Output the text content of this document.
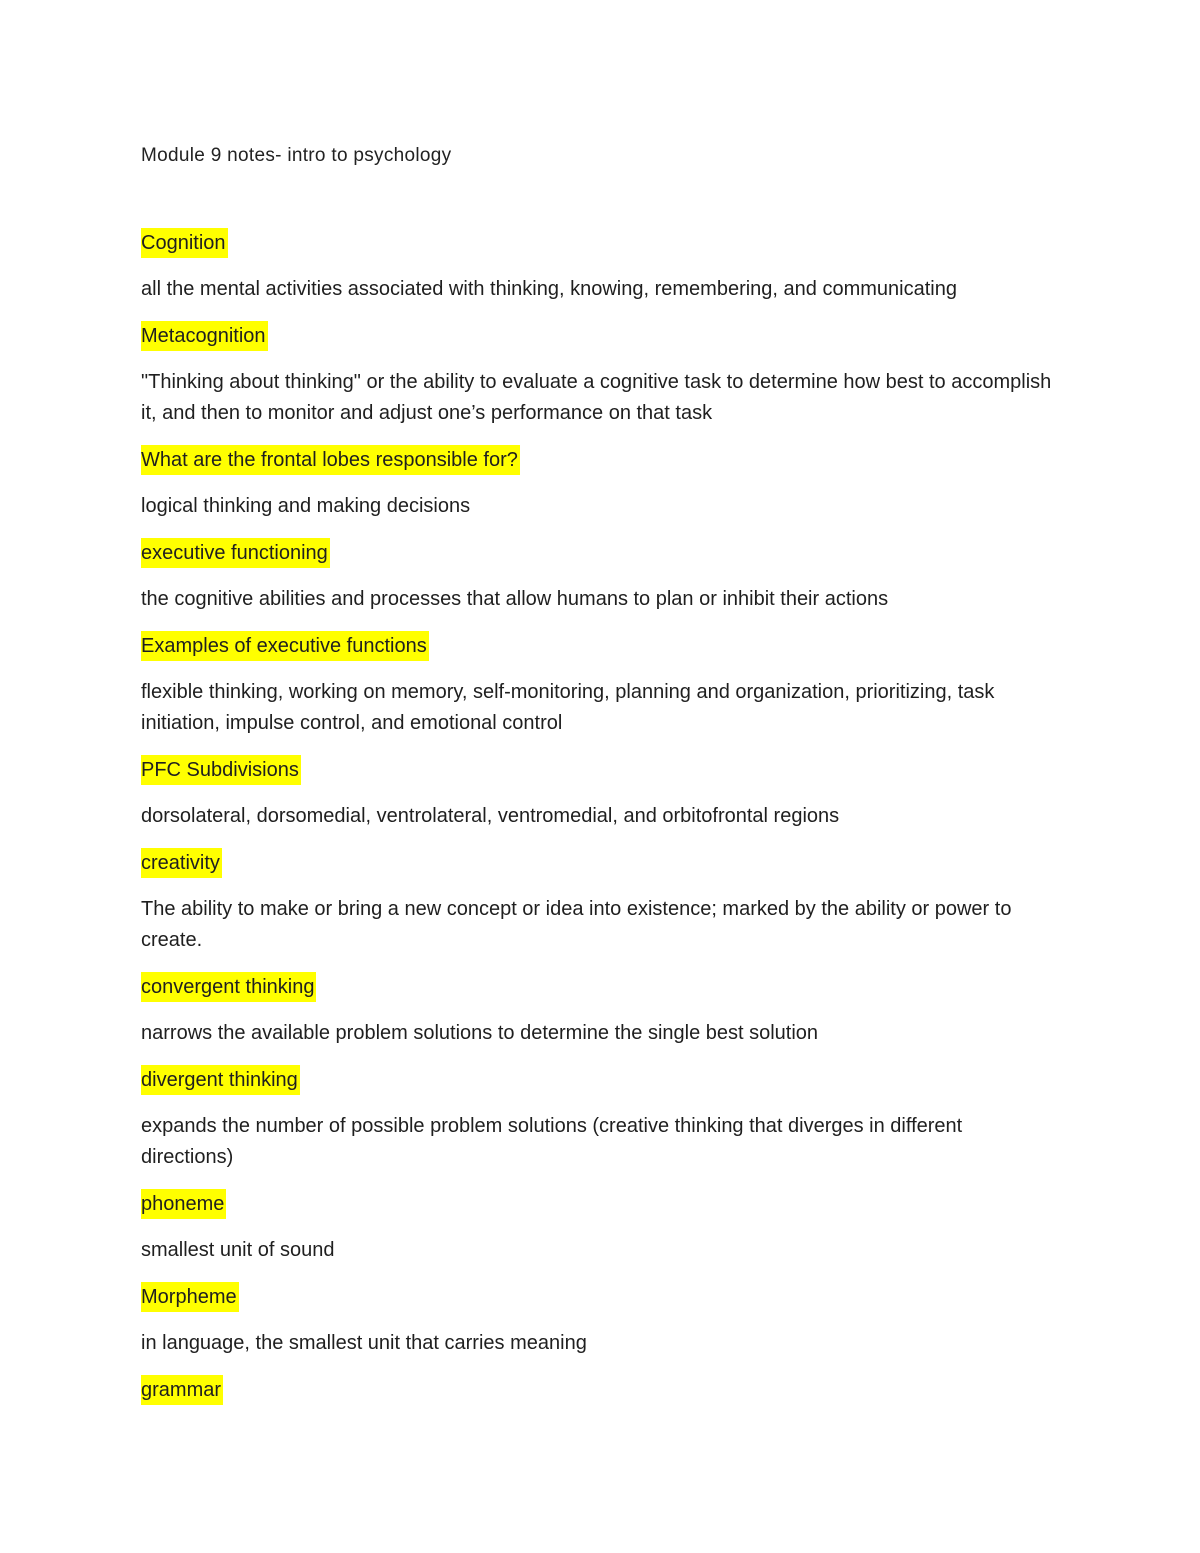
Module 9 notes- intro to psychology
Cognition

all the mental activities associated with thinking, knowing, remembering, and communicating

Metacognition

"Thinking about thinking" or the ability to evaluate a cognitive task to determine how best to accomplish it, and then to monitor and adjust one’s performance on that task

What are the frontal lobes responsible for?

logical thinking and making decisions

executive functioning

the cognitive abilities and processes that allow humans to plan or inhibit their actions

Examples of executive functions

flexible thinking, working on memory, self-monitoring, planning and organization, prioritizing, task initiation, impulse control, and emotional control

PFC Subdivisions

dorsolateral, dorsomedial, ventrolateral, ventromedial, and orbitofrontal regions

creativity

The ability to make or bring a new concept or idea into existence; marked by the ability or power to create.

convergent thinking

narrows the available problem solutions to determine the single best solution

divergent thinking

expands the number of possible problem solutions (creative thinking that diverges in different directions)

phoneme

smallest unit of sound

Morpheme

in language, the smallest unit that carries meaning

grammar
